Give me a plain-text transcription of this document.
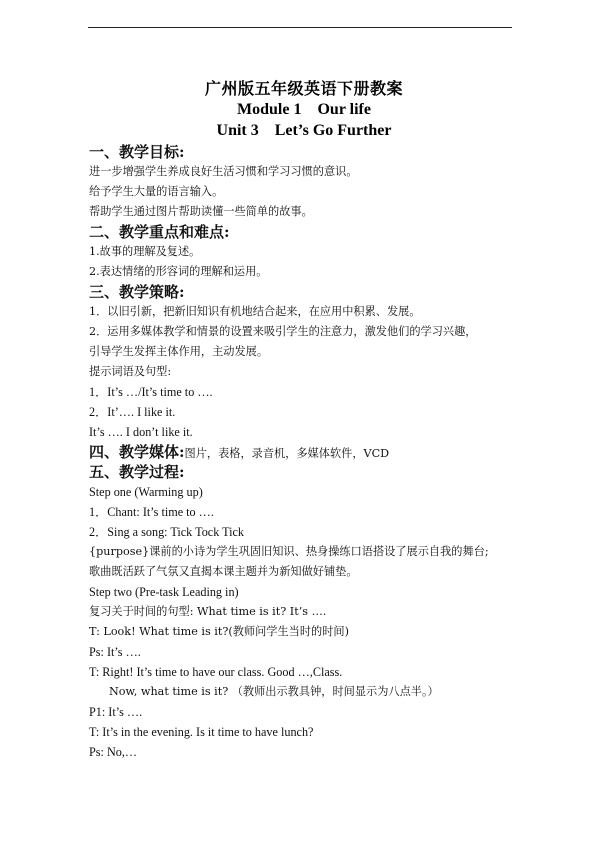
广州版五年级英语下册教案
Module 1    Our life
Unit 3    Let’s Go Further
一、教学目标:
进一步增强学生养成良好生活习惯和学习习惯的意识。
给予学生大量的语言输入。
帮助学生通过图片帮助读懂一些简单的故事。
二、教学重点和难点:
1.故事的理解及复述。
2.表达情绪的形容词的理解和运用。
三、教学策略:
1．以旧引新，把新旧知识有机地结合起来，在应用中积累、发展。
2．运用多媒体教学和情景的设置来吸引学生的注意力，激发他们的学习兴趣，
引导学生发挥主体作用，主动发展。
提示词语及句型:
1．It’s …/It’s time to ….
2．It’…. I like it.
It’s …. I don’t like it.
四、教学媒体:图片，表格，录音机，多媒体软件，VCD
五、教学过程:
Step one (Warming up)
1．Chant: It’s time to ….
2．Sing a song: Tick Tock Tick
{purpose}课前的小诗为学生巩固旧知识、热身操练口语搭设了展示自我的舞台;
歌曲既活跃了气氛又直揭本课主题并为新知做好铺垫。
Step two (Pre-task Leading in)
复习关于时间的句型: What time is it? It’s ….
T: Look! What time is it?(教师问学生当时的时间)
Ps: It’s ….
T: Right! It’s time to have our class. Good …,Class.
Now, what time is it? （教师出示教具钟，时间显示为八点半。）
P1: It’s ….
T: It’s in the evening. Is it time to have lunch?
Ps: No,…
